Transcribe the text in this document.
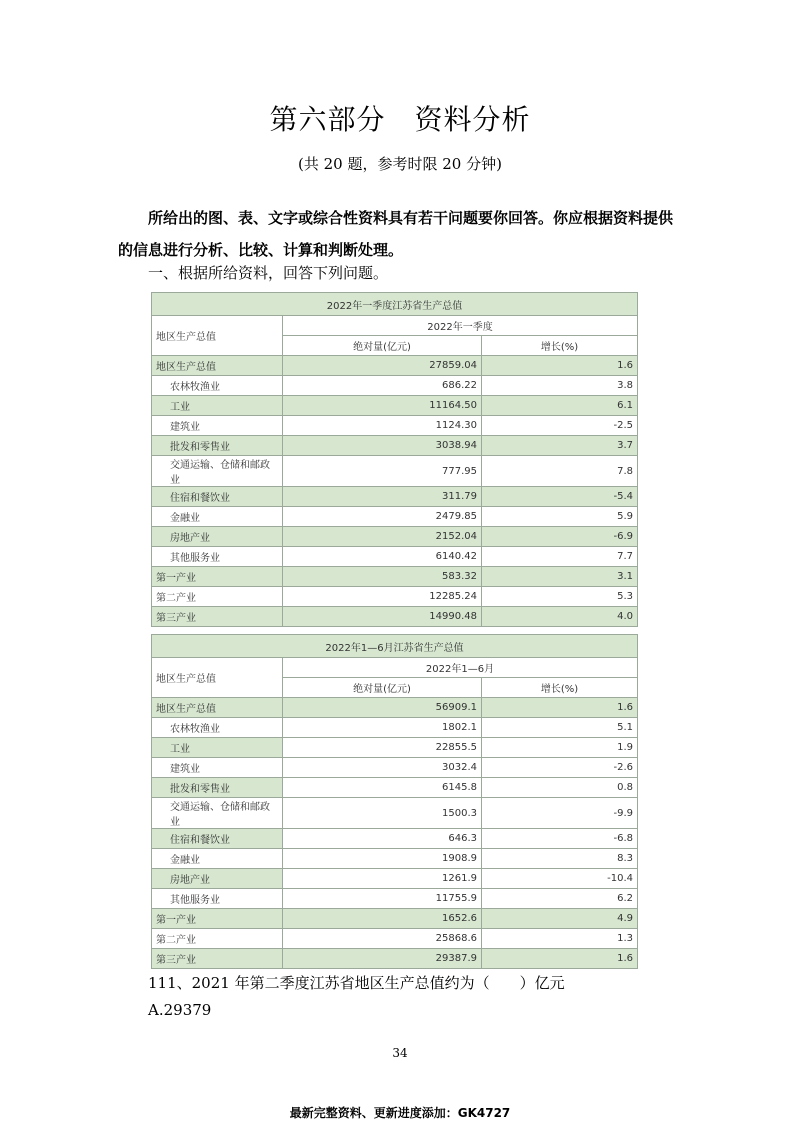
第六部分　资料分析
(共 20 题，参考时限 20 分钟)
所给出的图、表、文字或综合性资料具有若干问题要你回答。你应根据资料提供的信息进行分析、比较、计算和判断处理。
一、根据所给资料，回答下列问题。
2022年一季度江苏省生产总值		
地区生产总值	2022年一季度	
	绝对量(亿元)	增长(%)
地区生产总值	27859.04	1.6
农林牧渔业	686.22	3.8
工业	11164.50	6.1
建筑业	1124.30	-2.5
批发和零售业	3038.94	3.7
交通运输、仓储和邮政业	777.95	7.8
住宿和餐饮业	311.79	-5.4
金融业	2479.85	5.9
房地产业	2152.04	-6.9
其他服务业	6140.42	7.7
第一产业	583.32	3.1
第二产业	12285.24	5.3
第三产业	14990.48	4.0
2022年1—6月江苏省生产总值		
地区生产总值	2022年1—6月	
	绝对量(亿元)	增长(%)
地区生产总值	56909.1	1.6
农林牧渔业	1802.1	5.1
工业	22855.5	1.9
建筑业	3032.4	-2.6
批发和零售业	6145.8	0.8
交通运输、仓储和邮政业	1500.3	-9.9
住宿和餐饮业	646.3	-6.8
金融业	1908.9	8.3
房地产业	1261.9	-10.4
其他服务业	11755.9	6.2
第一产业	1652.6	4.9
第二产业	25868.6	1.3
第三产业	29387.9	1.6
111、2021 年第二季度江苏省地区生产总值约为（　　）亿元
A.29379
34
最新完整资料、更新进度添加：GK4727
